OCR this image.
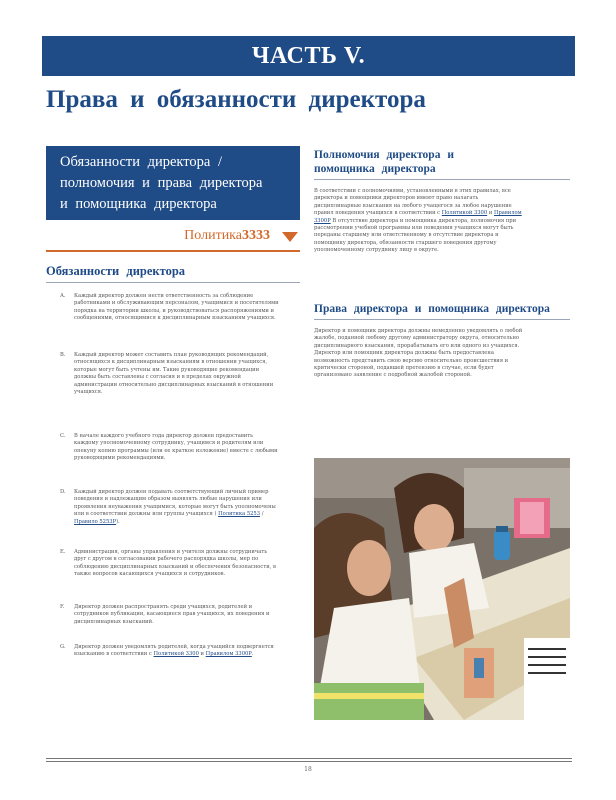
ЧАСТЬ V.
Права и обязанности директора
Обязанности директора /
полномочия и права директора
и помощника директора
Политика3333
Обязанности директора
А.	Каждый директор должен нести ответственность за соблюдение работниками и обслуживающим персоналом, учащимися и посетителями порядка на территории школы, и руководствоваться распоряжениями и сообщениями, относящимися к дисциплинарным взысканиям учащихся.
В.	Каждый директор может составить план руководящих рекомендаций, относящихся к дисциплинарным взысканиям в отношении учащихся, которые могут быть учтены им. Такие руководящие рекомендации должны быть составлены с согласия и в пределах окружной администрации относительно дисциплинарных взысканий в отношении учащихся.
С.	В начале каждого учебного года директор должен предоставить каждому уполномоченному сотруднику, учащимся и родителям или опекуну копию программы (или ее краткое изложение) вместе с любыми руководящими рекомендациями.
D.	Каждый директор должен подавать соответствующий личный пример поведения и надлежащим образом выявлять любые нарушения или проявления неуважения учащимися, которые могут быть уполномочены или в соответствии должны или группы учащихся ( Политика 5253 / Правило 5253Р).
Е.	Администрация, органы управления и учителя должны сотрудничать друг с другом в согласовании рабочего распорядка школы, мер по соблюдению дисциплинарных взысканий и обеспечения безопасности, в также вопросов касающихся учащихся и сотрудников.
F.	Директор должен распространять среди учащихся, родителей и сотрудников публикации, касающиеся прав учащихся, их поведения и дисциплинарных взысканий.
G.	Директор должен уведомлять родителей, когда учащийся подвергнется взысканию в соответствии с Политикой 3300 и Правилом 3300Р.
Полномочия директора и
помощника директора
В соответствии с полномочиями, установленными в этих правилах, все директора и помощники директоров имеют право налагать дисциплинарные взыскания на любого учащегося за любое нарушение правил поведения учащихся в соответствии с Политикой 3300 и Правилом 3300Р В отсутствие директора и помощника директора, полномочия при рассмотрении учебной программы или поведения учащихся могут быть переданы старшему или ответственному в отсутствие директора и помощнику директора, обязанности старшего поведения другому уполномоченному сотруднику лицу в округе.
Права директора и помощника директора
Директор и помощник директора должны немедленно уведомлять о любой жалобе, поданной любому другому администратору округа, относительно дисциплинарного взыскания, прорабатывать его или одного из учащихся. Директор или помощник директора должны быть предоставлена возможность представить свою версию относительно происшествия и критически стороной, подавшей претензию в случае, если будет организовано заявление с подробной жалобой стороной.
18
